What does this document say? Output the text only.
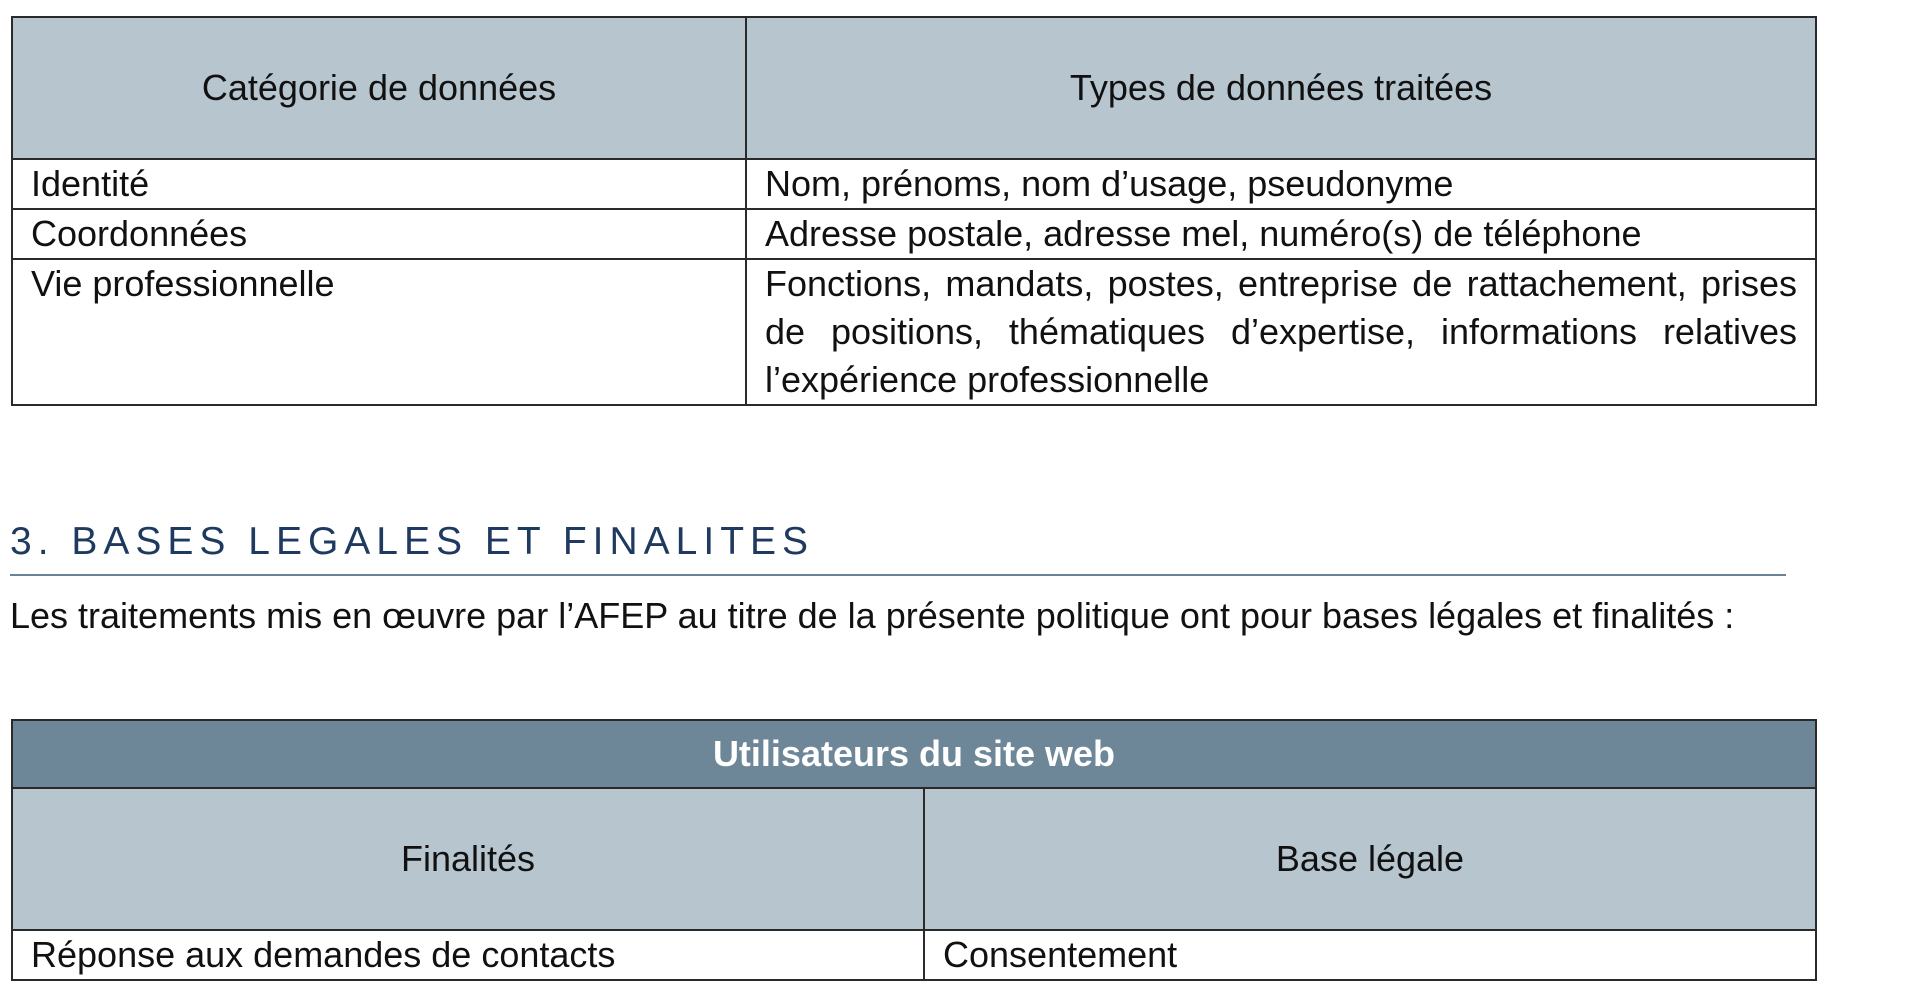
Catégorie de données	Types de données traitées
Identité	Nom, prénoms, nom d’usage, pseudonyme
Coordonnées	Adresse postale, adresse mel, numéro(s) de téléphone
Vie professionnelle	Fonctions, mandats, postes, entreprise de rattachement, prises de positions, thématiques d’expertise, informations relatives l’expérience professionnelle
3. BASES LEGALES ET FINALITES

Les traitements mis en œuvre par l’AFEP au titre de la présente politique ont pour bases légales et finalités :

Utilisateurs du site web	
Finalités	Base légale
Réponse aux demandes de contacts	Consentement
